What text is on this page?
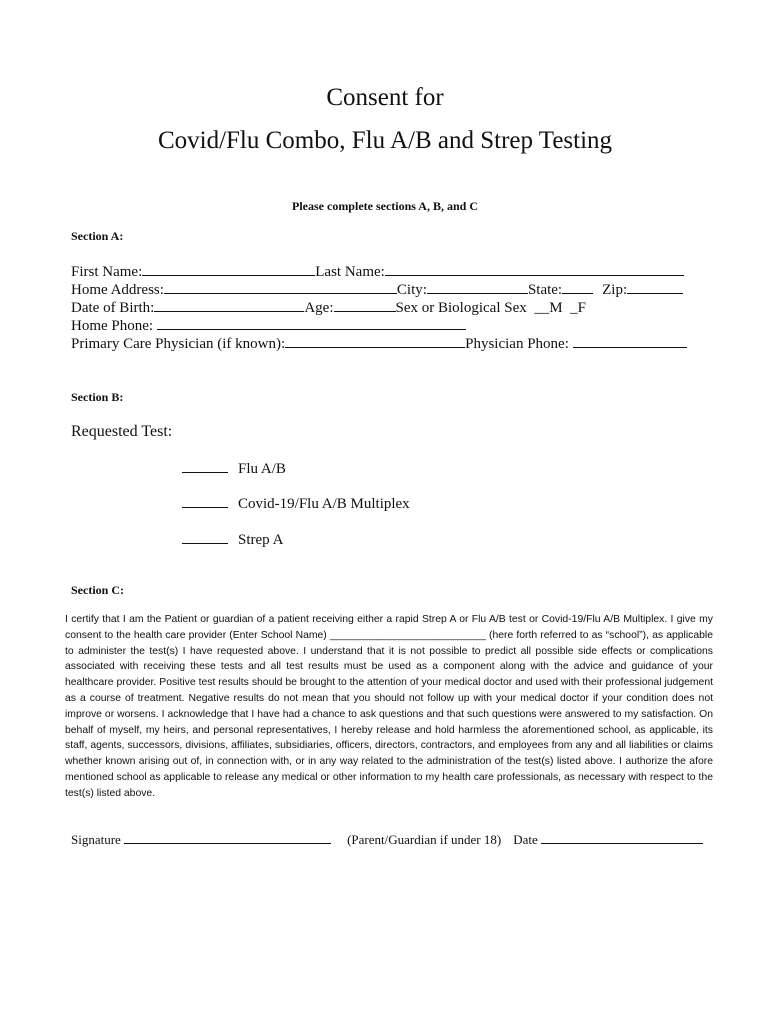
Consent for
Covid/Flu Combo, Flu A/B and Strep Testing
Please complete sections A, B, and C
Section A:
First Name:	Last Name:
Home Address:	City:	State:	Zip:
Date of Birth:	Age:	Sex or Biological Sex __M  _F
Home Phone:
Primary Care Physician (if known):	Physician Phone:
Section B:
Requested Test:
Flu A/B
Covid-19/Flu A/B Multiplex
Strep A
Section C:

I certify that I am the Patient or guardian of a patient receiving either a rapid Strep A or Flu A/B test or Covid-19/Flu A/B Multiplex. I give my consent to the health care provider (Enter School Name) ___________________________ (here forth referred to as “school”), as applicable to administer the test(s) I have requested above. I understand that it is not possible to predict all possible side effects or complications associated with receiving these tests and all test results must be used as a component along with the advice and guidance of your healthcare provider. Positive test results should be brought to the attention of your medical doctor and used with their professional judgement as a course of treatment. Negative results do not mean that you should not follow up with your medical doctor if your condition does not improve or worsens. I acknowledge that I have had a chance to ask questions and that such questions were answered to my satisfaction. On behalf of myself, my heirs, and personal representatives, I hereby release and hold harmless the aforementioned school, as applicable, its staff, agents, successors, divisions, affiliates, subsidiaries, officers, directors, contractors, and employees from any and all liabilities or claims whether known arising out of, in connection with, or in any way related to the administration of the test(s) listed above. I authorize the afore mentioned school as applicable to release any medical or other information to my health care professionals, as necessary with respect to the test(s) listed above.

Signature	(Parent/Guardian if under 18) Date
